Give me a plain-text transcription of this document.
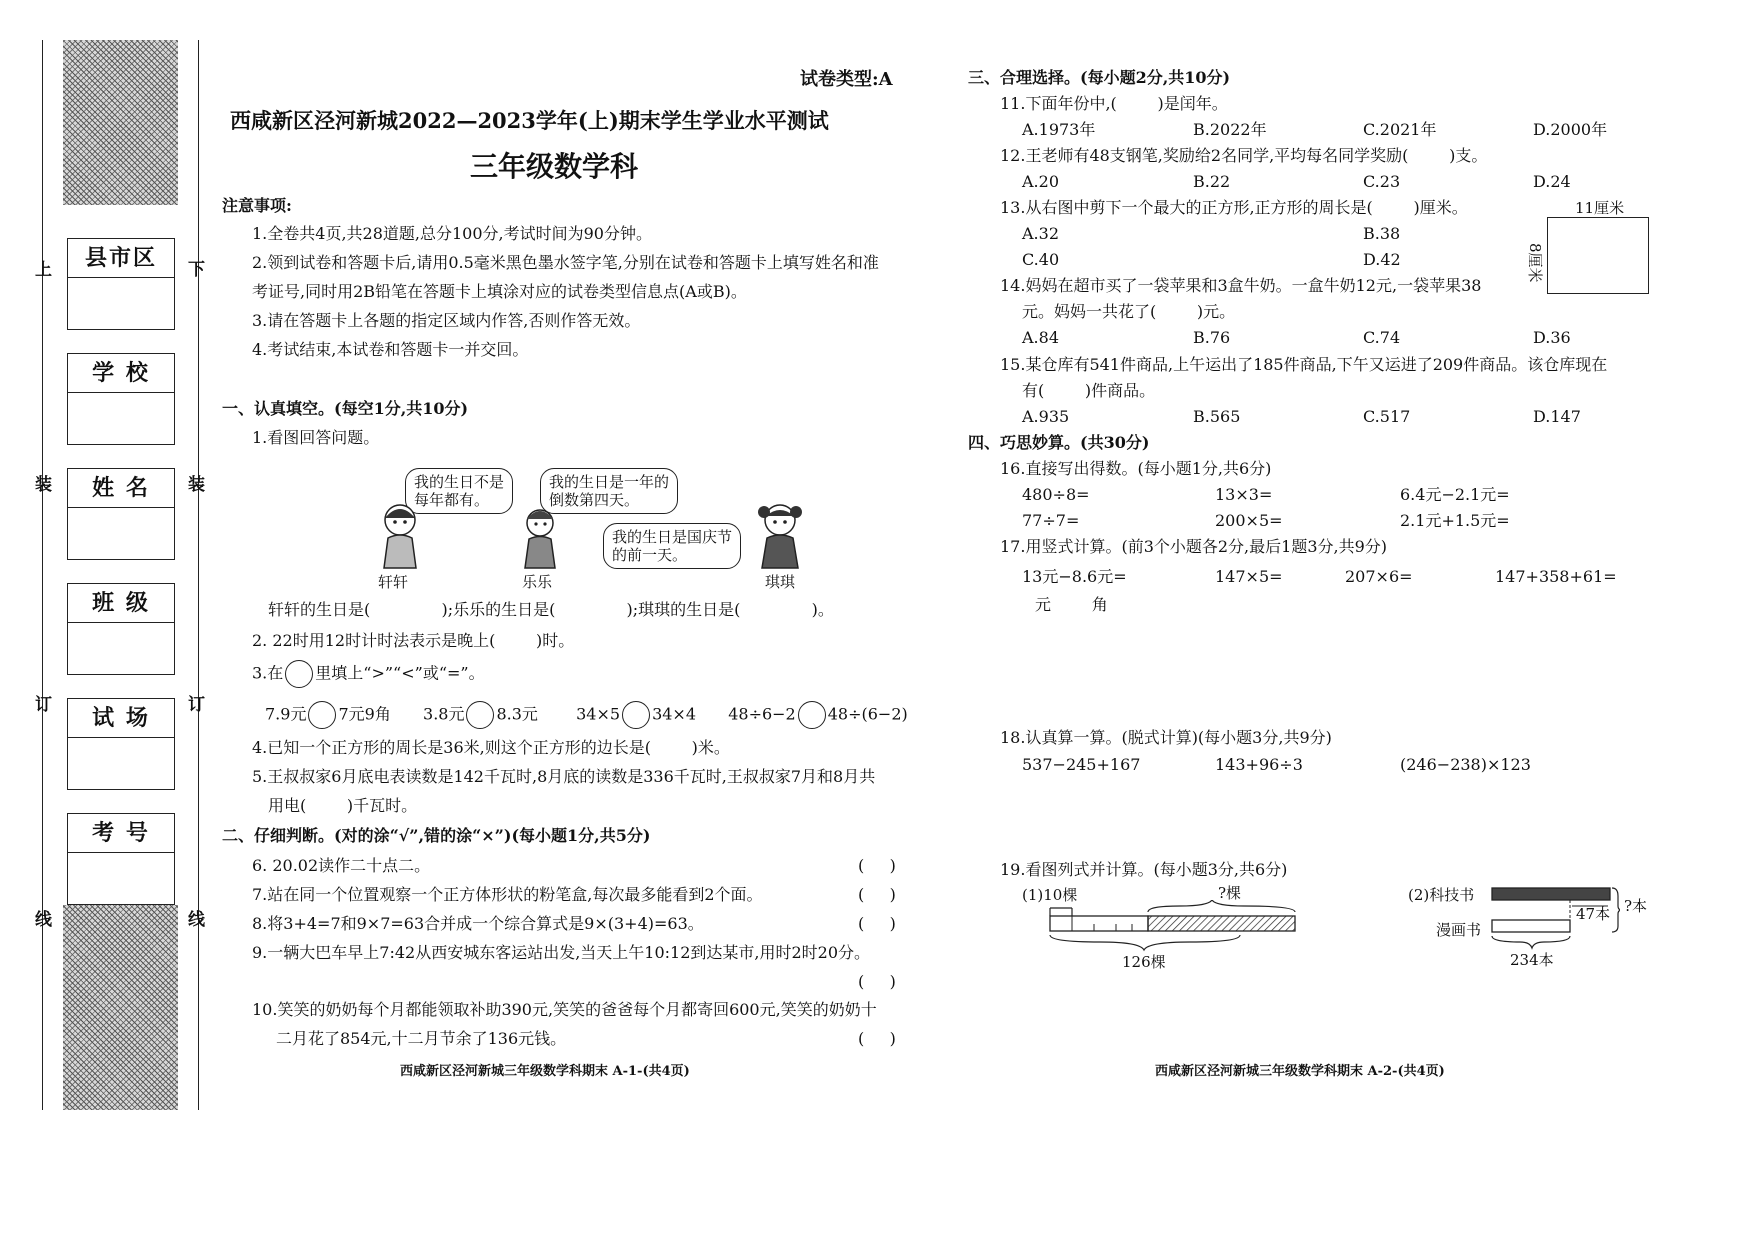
上
装
订
线
下
装
订
线
县市区
学 校
姓 名
班 级
试 场
考 号
试卷类型:A
西咸新区泾河新城2022—2023学年(上)期末学生学业水平测试
三年级数学科
注意事项:
1.全卷共4页,共28道题,总分100分,考试时间为90分钟。
2.领到试卷和答题卡后,请用0.5毫米黑色墨水签字笔,分别在试卷和答题卡上填写姓名和准
考证号,同时用2B铅笔在答题卡上填涂对应的试卷类型信息点(A或B)。
3.请在答题卡上各题的指定区域内作答,否则作答无效。
4.考试结束,本试卷和答题卡一并交回。
一、认真填空。(每空1分,共10分)
1.看图回答问题。
我的生日不是
每年都有。
我的生日是一年的
倒数第四天。
我的生日是国庆节
的前一天。
轩轩	乐乐	琪琪
轩轩的生日是(              );乐乐的生日是(              );琪琪的生日是(              )。
2. 22时用12时计时法表示是晚上(        )时。
3.在 里填上“>”“<”或“=”。
7.9元 7元9角 3.8元 8.3元 34×5 34×4 48÷6−2 48÷(6−2)
4.已知一个正方形的周长是36米,则这个正方形的边长是(        )米。
5.王叔叔家6月底电表读数是142千瓦时,8月底的读数是336千瓦时,王叔叔家7月和8月共
用电(        )千瓦时。
二、仔细判断。(对的涂“√”,错的涂“×”)(每小题1分,共5分)
6. 20.02读作二十点二。	(     )
7.站在同一个位置观察一个正方体形状的粉笔盒,每次最多能看到2个面。	(     )
8.将3+4=7和9×7=63合并成一个综合算式是9×(3+4)=63。	(     )
9.一辆大巴车早上7:42从西安城东客运站出发,当天上午10:12到达某市,用时2时20分。
(     )
10.笑笑的奶奶每个月都能领取补助390元,笑笑的爸爸每个月都寄回600元,笑笑的奶奶十
二月花了854元,十二月节余了136元钱。	(     )
西咸新区泾河新城三年级数学科期末 A-1-(共4页)
三、合理选择。(每小题2分,共10分)
11.下面年份中,(        )是闰年。
A.1973年	B.2022年	C.2021年	D.2000年
12.王老师有48支钢笔,奖励给2名同学,平均每名同学奖励(        )支。
A.20	B.22	C.23	D.24
13.从右图中剪下一个最大的正方形,正方形的周长是(        )厘米。
A.32	B.38
C.40	D.42
11厘米
8厘米
14.妈妈在超市买了一袋苹果和3盒牛奶。一盒牛奶12元,一袋苹果38
元。妈妈一共花了(        )元。
A.84	B.76	C.74	D.36
15.某仓库有541件商品,上午运出了185件商品,下午又运进了209件商品。该仓库现在
有(        )件商品。
A.935	B.565	C.517	D.147
四、巧思妙算。(共30分)
16.直接写出得数。(每小题1分,共6分)
480÷8=	13×3=	6.4元−2.1元=
77÷7=	200×5=	2.1元+1.5元=
17.用竖式计算。(前3个小题各2分,最后1题3分,共9分)
13元−8.6元=	147×5=	207×6=	147+358+61=
元        角
18.认真算一算。(脱式计算)(每小题3分,共9分)
537−245+167	143+96÷3	(246−238)×123
19.看图列式并计算。(每小题3分,共6分)
(1)10棵	?棵
126棵
(2)科技书
漫画书
47本 ?本
234本
西咸新区泾河新城三年级数学科期末 A-2-(共4页)
